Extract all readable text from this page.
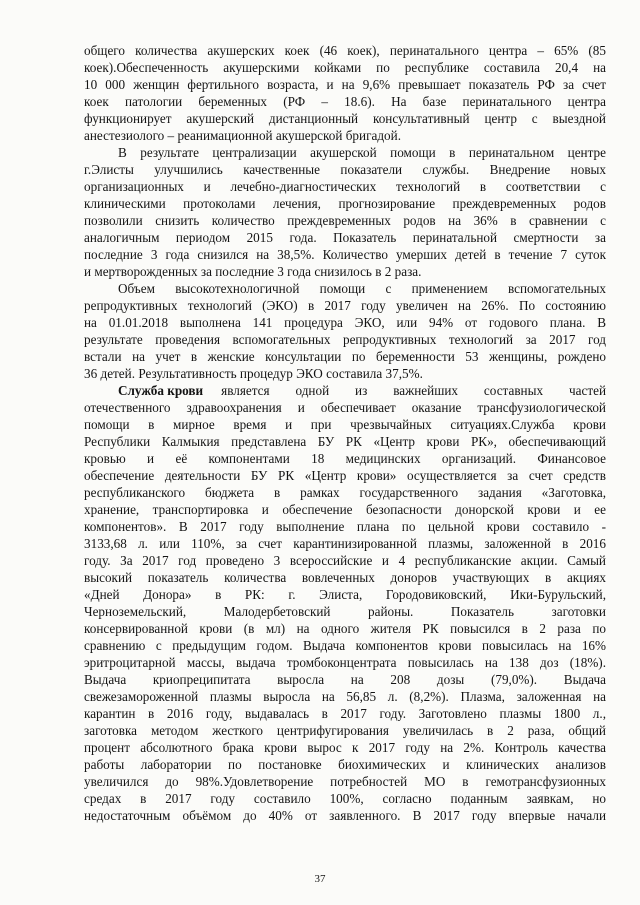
общего количества акушерских коек (46 коек), перинатального центра – 65% (85
коек).Обеспеченность акушерскими койками по республике составила 20,4 на
10 000 женщин фертильного возраста, и на 9,6% превышает показатель РФ за счет
коек патологии беременных (РФ – 18.6). На базе перинатального центра
функционирует акушерский дистанционный консультативный центр с выездной
анестезиолого – реанимационной акушерской бригадой.
В результате централизации акушерской помощи в перинатальном центре
г.Элисты улучшились качественные показатели службы. Внедрение новых
организационных и лечебно-диагностических технологий в соответствии с
клиническими протоколами лечения, прогнозирование преждевременных родов
позволили снизить количество преждевременных родов на 36% в сравнении с
аналогичным периодом 2015 года. Показатель перинатальной смертности за
последние 3 года снизился на 38,5%. Количество умерших детей в течение 7 суток
и мертворожденных за последние 3 года снизилось в 2 раза.
Объем высокотехнологичной помощи с применением вспомогательных
репродуктивных технологий (ЭКО) в 2017 году увеличен на 26%. По состоянию
на 01.01.2018 выполнена 141 процедура ЭКО, или 94% от годового плана. В
результате проведения вспомогательных репродуктивных технологий за 2017 год
встали на учет в женские консультации по беременности 53 женщины, рождено
36 детей. Результативность процедур ЭКО составила 37,5%.
Служба крови является одной из важнейших составных частей
отечественного здравоохранения и обеспечивает оказание трансфузиологической
помощи в мирное время и при чрезвычайных ситуациях.Служба крови
Республики Калмыкия представлена БУ РК «Центр крови РК», обеспечивающий
кровью и её компонентами 18 медицинских организаций. Финансовое
обеспечение деятельности БУ РК «Центр крови» осуществляется за счет средств
республиканского бюджета в рамках государственного задания «Заготовка,
хранение, транспортировка и обеспечение безопасности донорской крови и ее
компонентов». В 2017 году выполнение плана по цельной крови составило -
3133,68 л. или 110%, за счет карантинизированной плазмы, заложенной в 2016
году. За 2017 год проведено 3 всероссийские и 4 республиканские акции. Самый
высокий показатель количества вовлеченных доноров участвующих в акциях
«Дней Донора» в РК: г. Элиста, Городовиковский, Ики-Бурульский,
Черноземельский, Малодербетовский районы. Показатель заготовки
консервированной крови (в мл) на одного жителя РК повысился в 2 раза по
сравнению с предыдущим годом. Выдача компонентов крови повысилась на 16%
эритроцитарной массы, выдача тромбоконцентрата повысилась на 138 доз (18%).
Выдача криопреципитата выросла на 208 дозы (79,0%). Выдача
свежезамороженной плазмы выросла на 56,85 л. (8,2%). Плазма, заложенная на
карантин в 2016 году, выдавалась в 2017 году. Заготовлено плазмы 1800 л.,
заготовка методом жесткого центрифугирования увеличилась в 2 раза, общий
процент абсолютного брака крови вырос к 2017 году на 2%. Контроль качества
работы лаборатории по постановке биохимических и клинических анализов
увеличился до 98%.Удовлетворение потребностей МО в гемотрансфузионных
средах в 2017 году составило 100%, согласно поданным заявкам, но
недостаточным объёмом до 40% от заявленного. В 2017 году впервые начали
37
